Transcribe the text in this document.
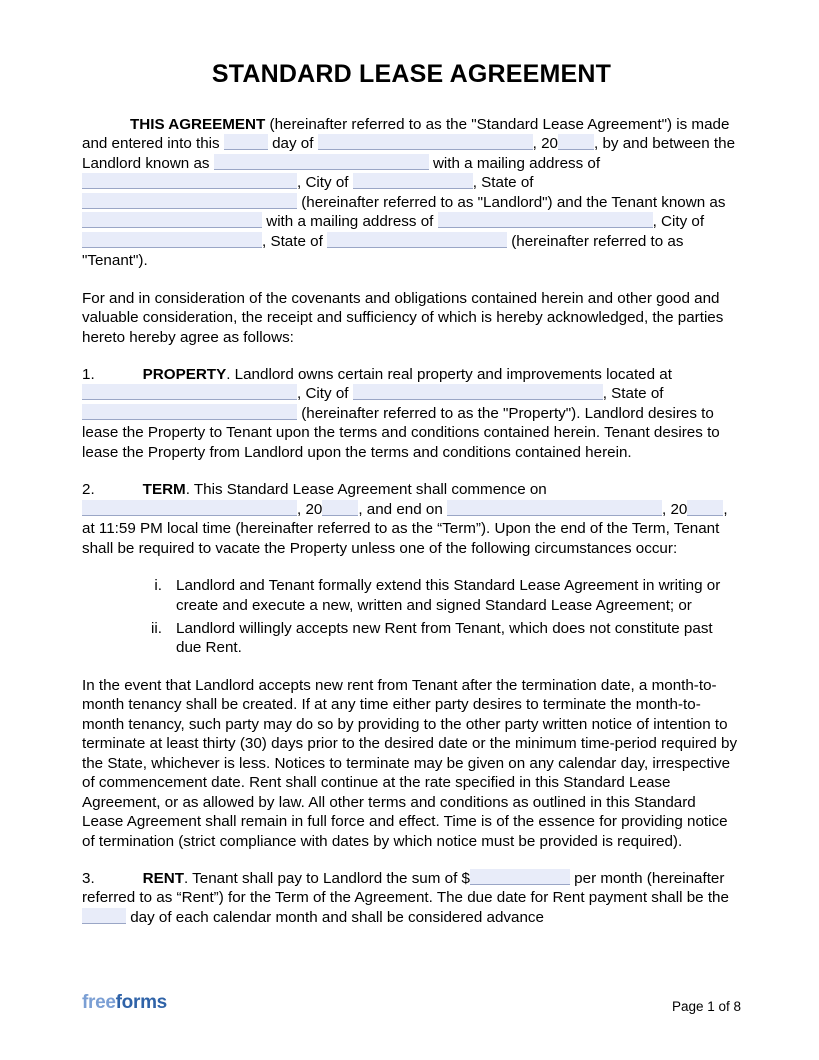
STANDARD LEASE AGREEMENT

THIS AGREEMENT (hereinafter referred to as the "Standard Lease Agreement") is made and entered into this	day of	, 20 , by and between the Landlord known as	with a mailing address of , City of	, State of  (hereinafter referred to as "Landlord") and the Tenant known as  with a mailing address of	, City of , State of	(hereinafter referred to as "Tenant").

For and in consideration of the covenants and obligations contained herein and other good and valuable consideration, the receipt and sufficiency of which is hereby acknowledged, the parties hereto hereby agree as follows:

1.	PROPERTY. Landlord owns certain real property and improvements located at , City of	, State of  (hereinafter referred to as the "Property"). Landlord desires to lease the Property to Tenant upon the terms and conditions contained herein. Tenant desires to lease the Property from Landlord upon the terms and conditions contained herein.

2.	TERM. This Standard Lease Agreement shall commence on , 20 , and end on	, 20 , at 11:59 PM local time (hereinafter referred to as the “Term”). Upon the end of the Term, Tenant shall be required to vacate the Property unless one of the following circumstances occur:

i. Landlord and Tenant formally extend this Standard Lease Agreement in writing or create and execute a new, written and signed Standard Lease Agreement; or
ii. Landlord willingly accepts new Rent from Tenant, which does not constitute past due Rent.

In the event that Landlord accepts new rent from Tenant after the termination date, a month-to-month tenancy shall be created. If at any time either party desires to terminate the month-to-month tenancy, such party may do so by providing to the other party written notice of intention to terminate at least thirty (30) days prior to the desired date or the minimum time-period required by the State, whichever is less. Notices to terminate may be given on any calendar day, irrespective of commencement date. Rent shall continue at the rate specified in this Standard Lease Agreement, or as allowed by law. All other terms and conditions as outlined in this Standard Lease Agreement shall remain in full force and effect. Time is of the essence for providing notice of termination (strict compliance with dates by which notice must be provided is required).

3.	RENT. Tenant shall pay to Landlord the sum of $	per month (hereinafter referred to as “Rent”) for the Term of the Agreement. The due date for Rent payment shall be the  day of each calendar month and shall be considered advance

freeforms	Page 1 of 8
